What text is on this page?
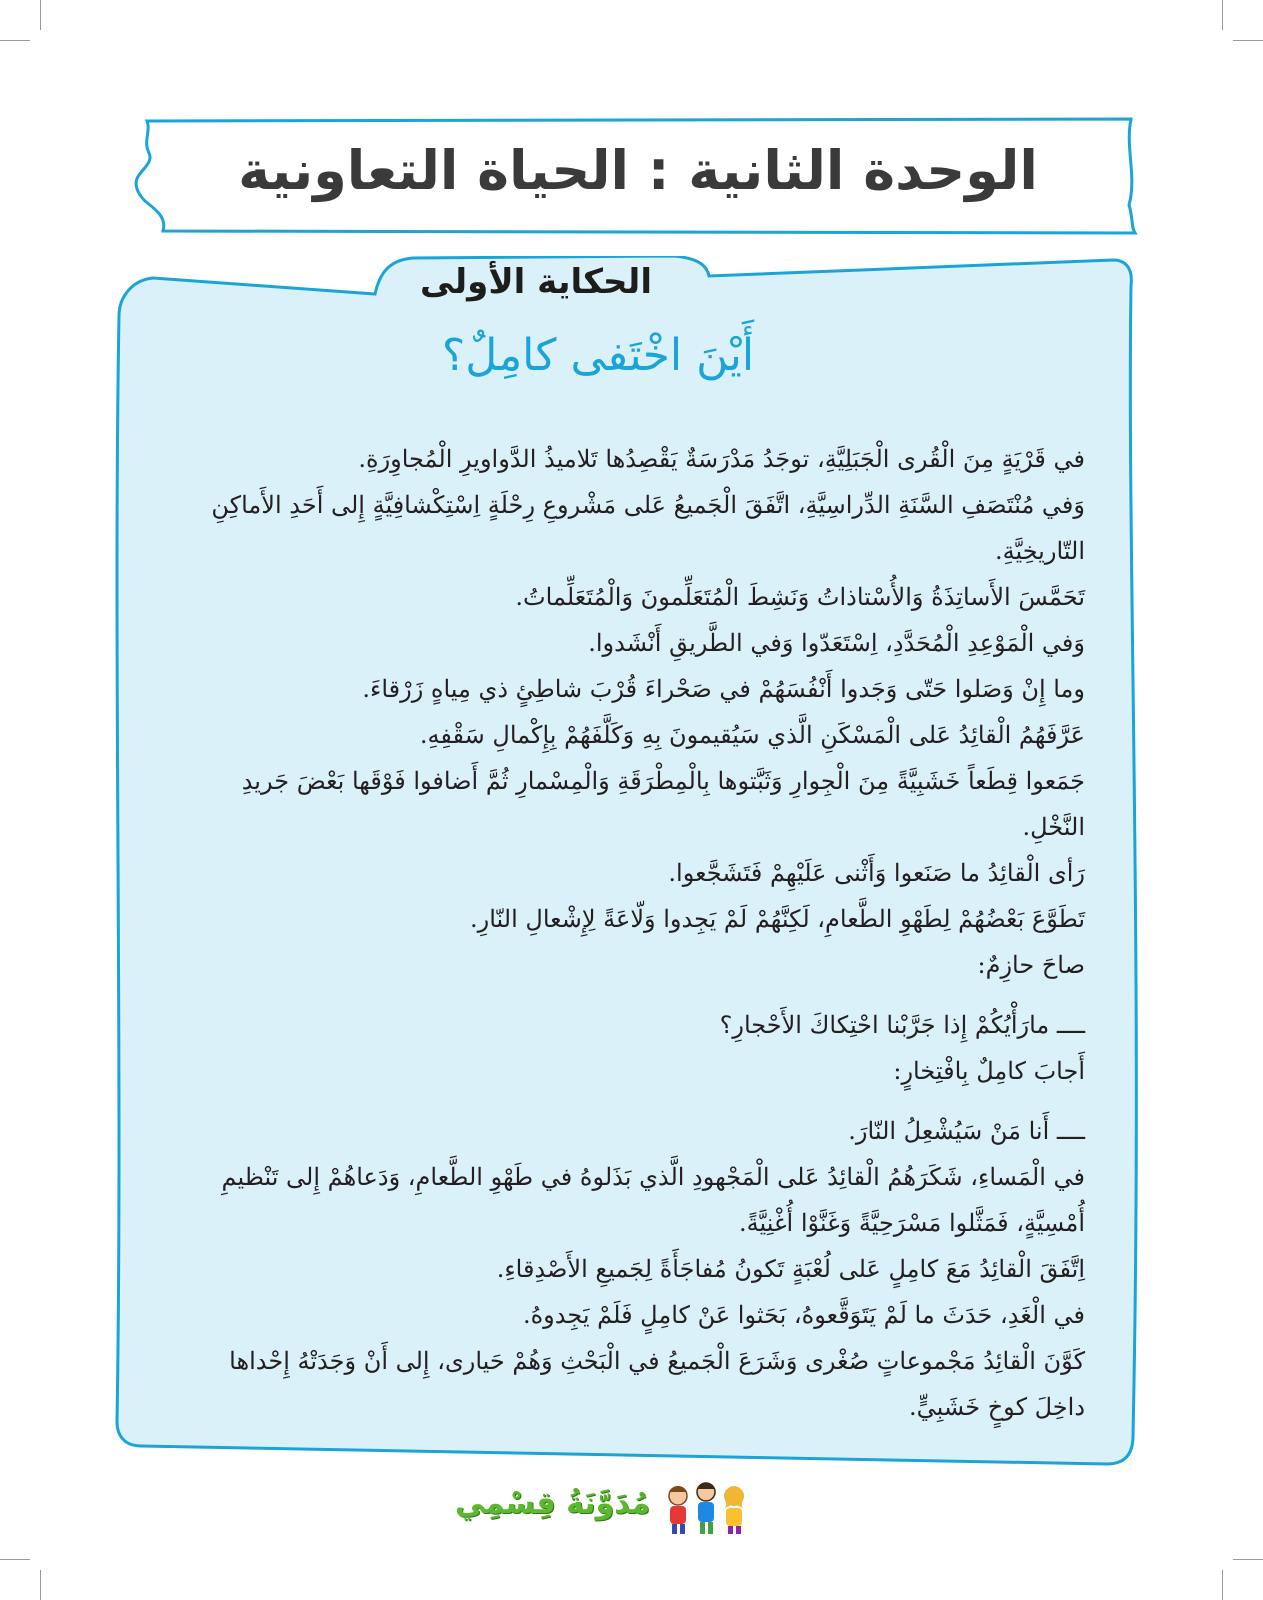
الوحدة الثانية : الحياة التعاونية
الحكاية الأولى
أَيْنَ اخْتَفى كامِلٌ؟

في قَرْيَةٍ مِنَ الْقُرى الْجَبَلِيَّةِ، توجَدُ مَدْرَسَةٌ يَقْصِدُها تَلاميذُ الدَّواويرِ الْمُجاوِرَةِ.

وَفي مُنْتَصَفِ السَّنَةِ الدِّراسِيَّةِ، اتَّفَقَ الْجَميعُ عَلى مَشْروعِ رِحْلَةٍ اِسْتِكْشافِيَّةٍ إِلى أَحَدِ الأَماكِنِ التّاريخِيَّةِ.

تَحَمَّسَ الأَساتِذَةُ وَالأُسْتاذاتُ وَنَشِطَ الْمُتَعَلِّمونَ وَالْمُتَعَلِّماتُ.

وَفي الْمَوْعِدِ الْمُحَدَّدِ، اِسْتَعَدّوا وَفي الطَّريقِ أَنْشَدوا.

وما إِنْ وَصَلوا حَتّى وَجَدوا أَنْفُسَهُمْ في صَحْراءَ قُرْبَ شاطِئٍ ذي مِياهٍ زَرْقاءَ.

عَرَّفَهُمُ الْقائِدُ عَلى الْمَسْكَنِ الَّذي سَيُقيمونَ بِهِ وَكَلَّفَهُمْ بِإِكْمالِ سَقْفِهِ.

جَمَعوا قِطَعاً خَشَبِيَّةً مِنَ الْجِوارِ وَثَبَّتوها بِالْمِطْرَقَةِ وَالْمِسْمارِ ثُمَّ أَضافوا فَوْقَها بَعْضَ جَريدِ النَّخْلِ.

رَأى الْقائِدُ ما صَنَعوا وَأَثْنى عَلَيْهِمْ فَتَشَجَّعوا.

تَطَوَّعَ بَعْضُهُمْ لِطَهْوِ الطَّعامِ، لَكِنَّهُمْ لَمْ يَجِدوا وَلّاعَةً لِإِشْعالِ النّارِ.

صاحَ حازِمٌ:

ــــ مارَأْيُكُمْ إِذا جَرَّبْنا احْتِكاكَ الأَحْجارِ؟

أَجابَ كامِلٌ بِافْتِخارٍ:

ــــ أَنا مَنْ سَيُشْعِلُ النّارَ.

في الْمَساءِ، شَكَرَهُمُ الْقائِدُ عَلى الْمَجْهودِ الَّذي بَذَلوهُ في طَهْوِ الطَّعامِ، وَدَعاهُمْ إِلى تَنْظيمِ أُمْسِيَّةٍ، فَمَثَّلوا مَسْرَحِيَّةً وَغَنَّوْا أُغْنِيَّةً.

اِتَّفَقَ الْقائِدُ مَعَ كامِلٍ عَلى لُعْبَةٍ تَكونُ مُفاجَأَةً لِجَميعِ الأَصْدِقاءِ.

في الْغَدِ، حَدَثَ ما لَمْ يَتَوَقَّعوهُ، بَحَثوا عَنْ كامِلٍ فَلَمْ يَجِدوهُ.

كَوَّنَ الْقائِدُ مَجْموعاتٍ صُغْرى وَشَرَعَ الْجَميعُ في الْبَحْثِ وَهُمْ حَيارى، إِلى أَنْ وَجَدَتْهُ إِحْداها داخِلَ كوخٍ خَشَبِيٍّ.

مُدَوَّنَةُ قِسْمِي
